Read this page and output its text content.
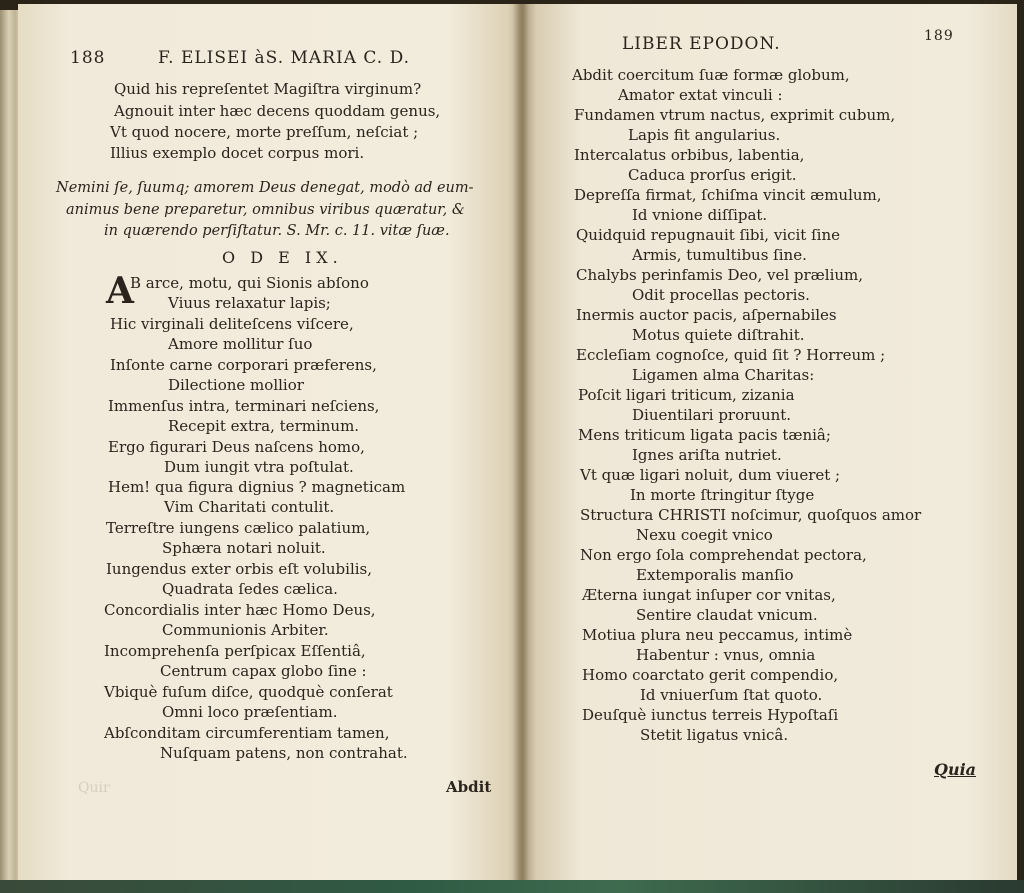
188	F. ELISEI àS. MARIA C. D.
Quid his repreſentet Magiſtra virginum?
Agnouit inter hæc decens quoddam genus,
Vt quod nocere, morte preſſum, neſciat ;
Illius exemplo docet corpus mori.
Nemini ſe, ſuumq; amorem Deus denegat, modò ad eum-
animus bene preparetur, omnibus viribus quæratur, &
in quærendo perſiſtatur. S. Mr. c. 11. vitæ ſuæ.
O D E IX.
A
B arce, motu, qui Sionis abſono
Viuus relaxatur lapis;
Hic virginali deliteſcens viſcere,
Amore mollitur ſuo
Inſonte carne corporari præferens,
Dilectione mollior
Immenſus intra, terminari neſciens,
Recepit extra, terminum.
Ergo figurari Deus naſcens homo,
Dum iungit vtra poſtulat.
Hem! qua figura dignius ? magneticam
Vim Charitati contulit.
Terreſtre iungens cælico palatium,
Sphæra notari noluit.
Iungendus exter orbis eſt volubilis,
Quadrata ſedes cælica.
Concordialis inter hæc Homo Deus,
Communionis Arbiter.
Incomprehenſa perſpicax Eſſentiâ,
Centrum capax globo ſine :
Vbiquè fuſum diſce, quodquè conſerat
Omni loco præſentiam.
Abſconditam circumferentiam tamen,
Nuſquam patens, non contrahat.
Abdit
Quir
LIBER EPODON.	189
Abdit coercitum ſuæ formæ globum,
Amator extat vinculi :
Fundamen vtrum nactus, exprimit cubum,
Lapis fit angularius.
Intercalatus orbibus, labentia,
Caduca prorſus erigit.
Depreſſa firmat, ſchiſma vincit æmulum,
Id vnione diſſipat.
Quidquid repugnauit ſibi, vicit ſine
Armis, tumultibus ſine.
Chalybs perinfamis Deo, vel prælium,
Odit procellas pectoris.
Inermis auctor pacis, aſpernabiles
Motus quiete diſtrahit.
Eccleſiam cognoſce, quid ſit ? Horreum ;
Ligamen alma Charitas:
Poſcit ligari triticum, zizania
Diuentilari proruunt.
Mens triticum ligata pacis tæniâ;
Ignes ariſta nutriet.
Vt quæ ligari noluit, dum viueret ;
In morte ſtringitur ſtyge
Structura CHRISTI noſcimur, quoſquos amor
Nexu coegit vnico
Non ergo ſola comprehendat pectora,
Extemporalis manſio
Æterna iungat inſuper cor vnitas,
Sentire claudat vnicum.
Motiua plura neu peccamus, intimè
Habentur : vnus, omnia
Homo coarctato gerit compendio,
Id vniuerſum ſtat quoto.
Deuſquè iunctus terreis Hypoſtaſi
Stetit ligatus vnicâ.
Quia
